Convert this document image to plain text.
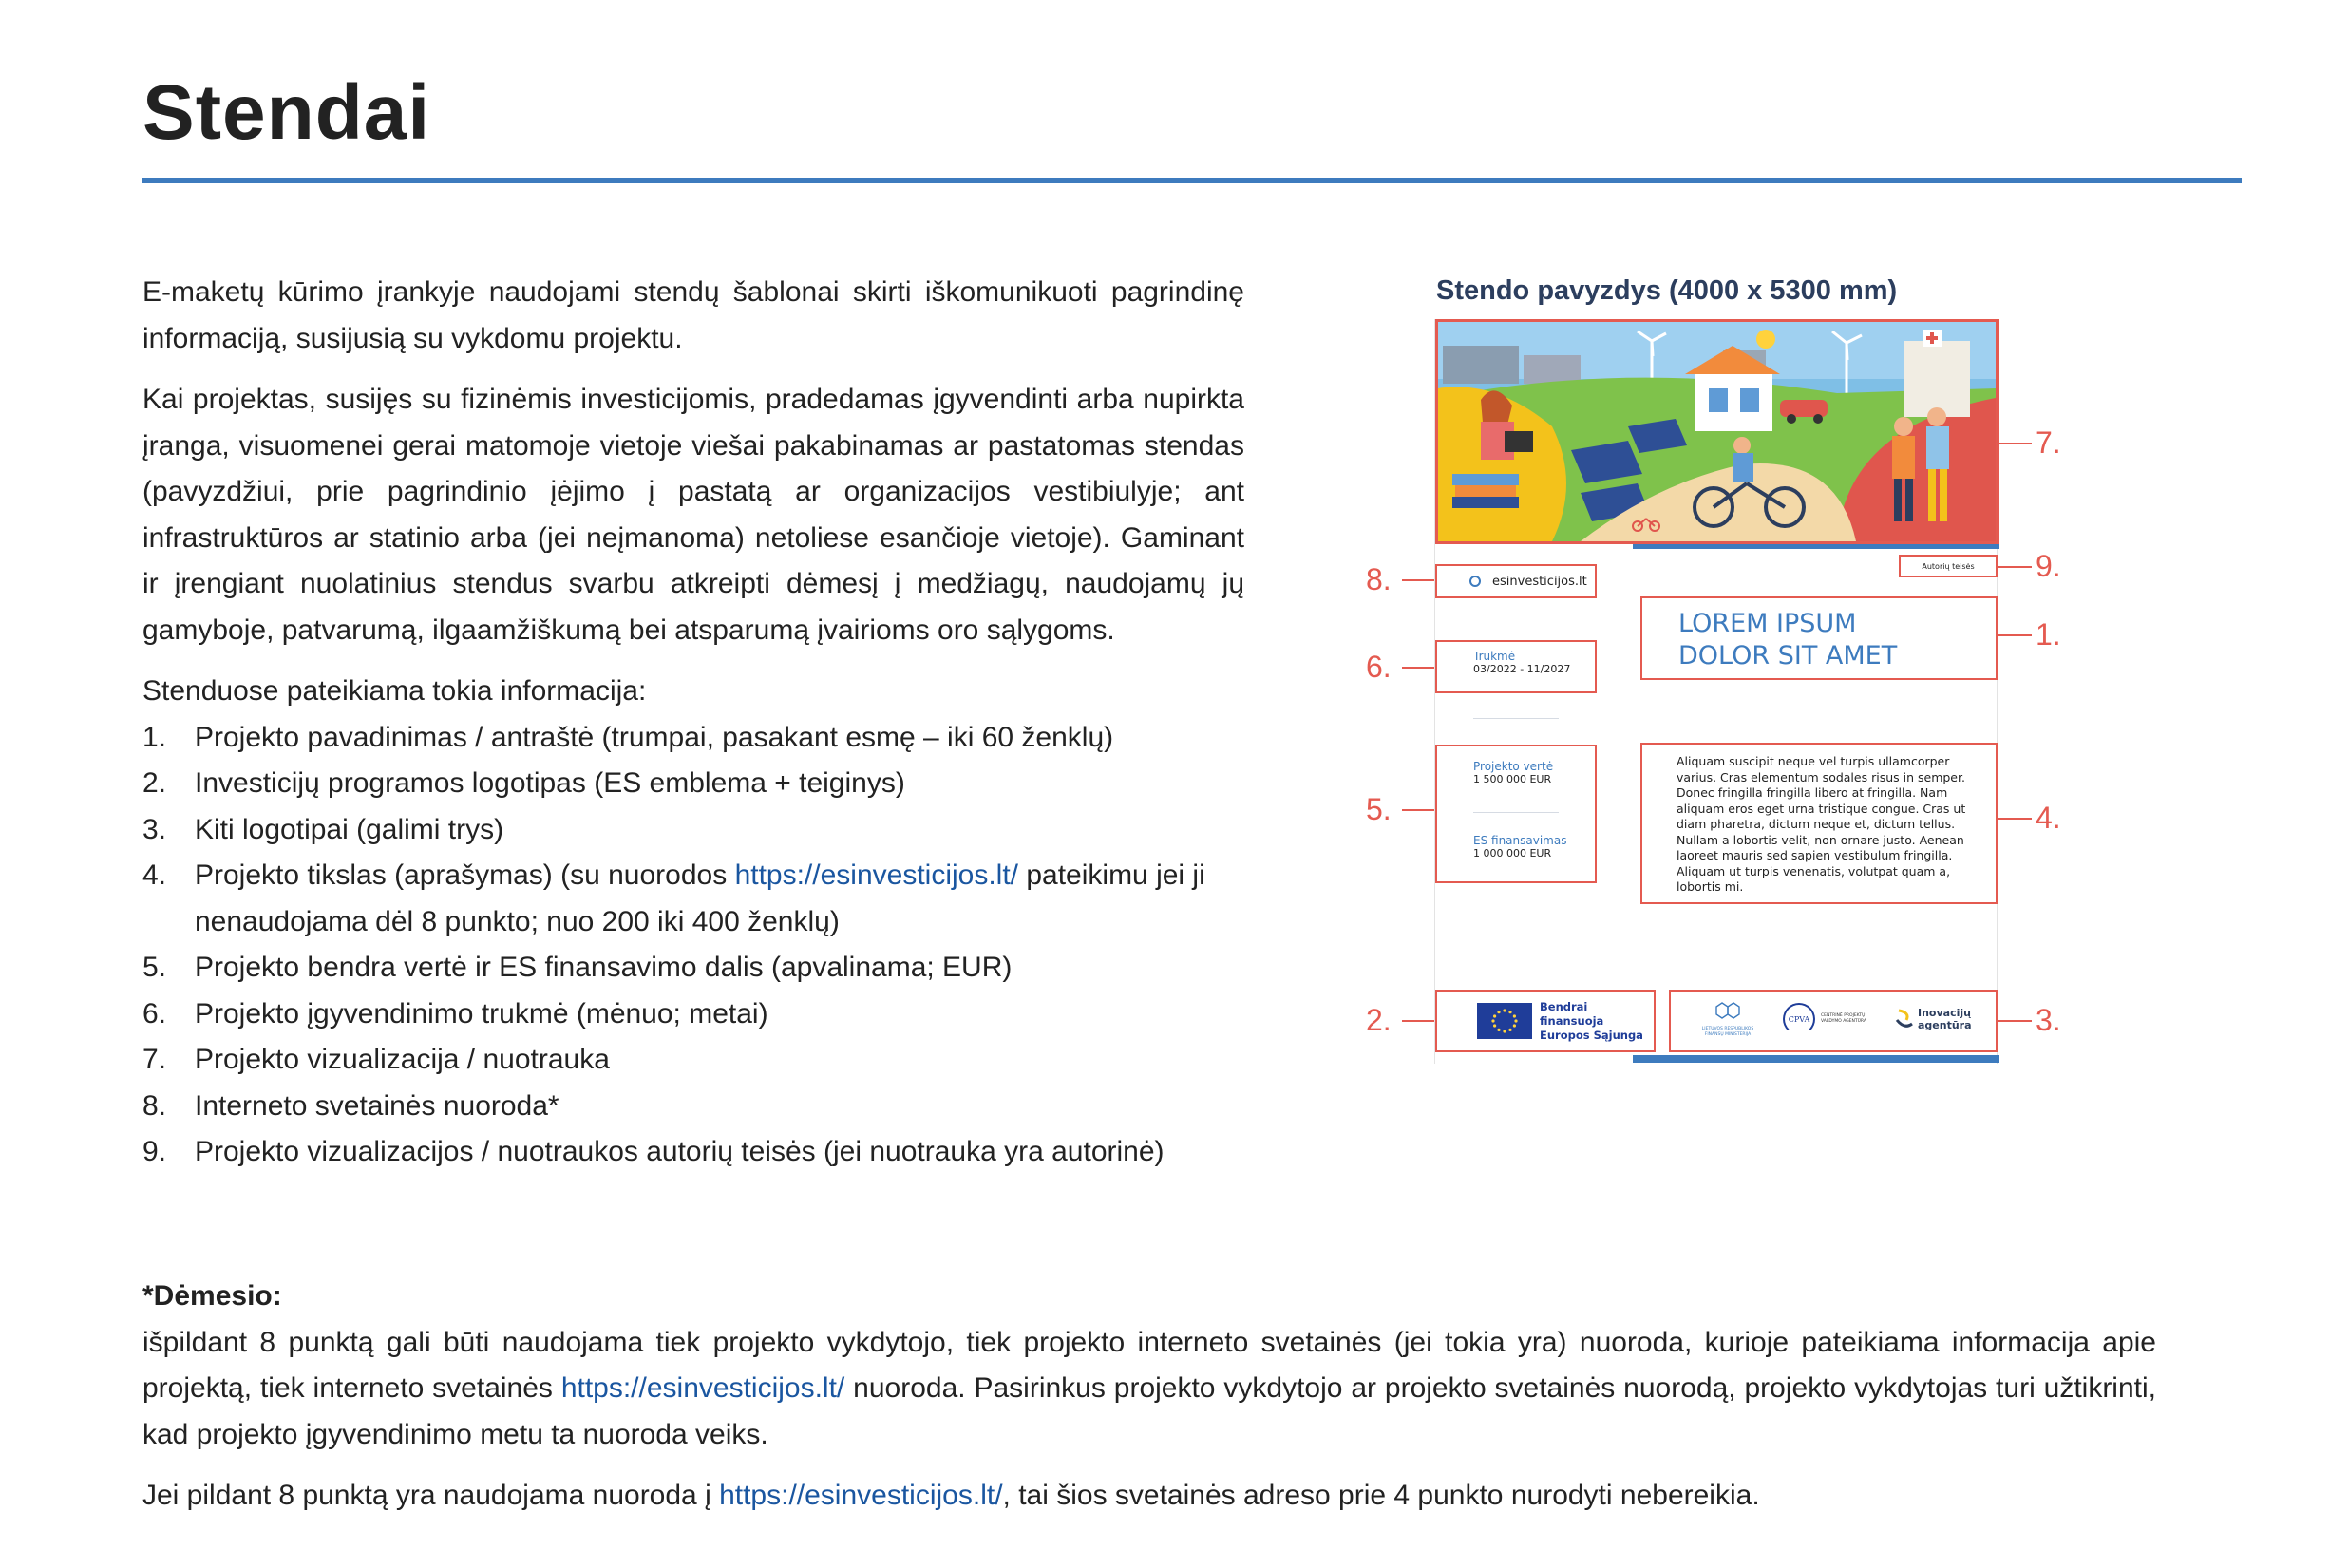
Stendai

E-maketų kūrimo įrankyje naudojami stendų šablonai skirti iškomunikuoti pagrindinę informaciją, susijusią su vykdomu projektu.

Kai projektas, susijęs su fizinėmis investicijomis, pradedamas įgyvendinti arba nupirkta įranga, visuomenei gerai matomoje vietoje viešai pakabinamas ar pastatomas stendas (pavyzdžiui, prie pagrindinio įėjimo į pastatą ar organizacijos vestibiulyje; ant infrastruktūros ar statinio arba (jei neįmanoma) netoliese esančioje vietoje). Gaminant ir įrengiant nuolatinius stendus svarbu atkreipti dėmesį į medžiagų, naudojamų jų gamyboje, patvarumą, ilgaamžiškumą bei atsparumą įvairioms oro sąlygoms.

Stenduose pateikiama tokia informacija:

1. Projekto pavadinimas / antraštė (trumpai, pasakant esmę – iki 60 ženklų)
2. Investicijų programos logotipas (ES emblema + teiginys)
3. Kiti logotipai (galimi trys)
4. Projekto tikslas (aprašymas) (su nuorodos https://esinvesticijos.lt/ pateikimu jei ji nenaudojama dėl 8 punkto; nuo 200 iki 400 ženklų)
5. Projekto bendra vertė ir ES finansavimo dalis (apvalinama; EUR)
6. Projekto įgyvendinimo trukmė (mėnuo; metai)
7. Projekto vizualizacija / nuotrauka
8. Interneto svetainės nuoroda*
9. Projekto vizualizacijos / nuotraukos autorių teisės (jei nuotrauka yra autorinė)
Stendo pavyzdys (4000 x 5300 mm)
Autorių teisės
esinvesticijos.lt
LOREM IPSUM
DOLOR SIT AMET
Trukmė
03/2022 - 11/2027
Projekto vertė
1 500 000 EUR
ES finansavimas
1 000 000 EUR
Aliquam suscipit neque vel turpis ullamcorper varius. Cras elementum sodales risus in semper. Donec fringilla fringilla libero at fringilla. Nam aliquam eros eget urna tristique congue. Cras ut diam pharetra, dictum neque et, dictum tellus. Nullam a lobortis velit, non ornare justo. Aenean laoreet mauris sed sapien vestibulum fringilla. Aliquam ut turpis venenatis, volutpat quam a, lobortis mi.
Bendrai finansuoja
Europos Sąjunga	LIETUVOS RESPUBLIKOS FINANSŲ MINISTERIJA
CPVA	CENTRINĖ PROJEKTŲ VALDYMO AGENTŪRA
Inovacijų
agentūra
7.
9.
1.
4.
3.
8.
6.
5.
2.
*Dėmesio:

išpildant 8 punktą gali būti naudojama tiek projekto vykdytojo, tiek projekto interneto svetainės (jei tokia yra) nuoroda, kurioje pateikiama informacija apie projektą, tiek interneto svetainės https://esinvesticijos.lt/ nuoroda. Pasirinkus projekto vykdytojo ar projekto svetainės nuorodą, projekto vykdytojas turi užtikrinti, kad projekto įgyvendinimo metu ta nuoroda veiks.

Jei pildant 8 punktą yra naudojama nuoroda į https://esinvesticijos.lt/, tai šios svetainės adreso prie 4 punkto nurodyti nebereikia.
